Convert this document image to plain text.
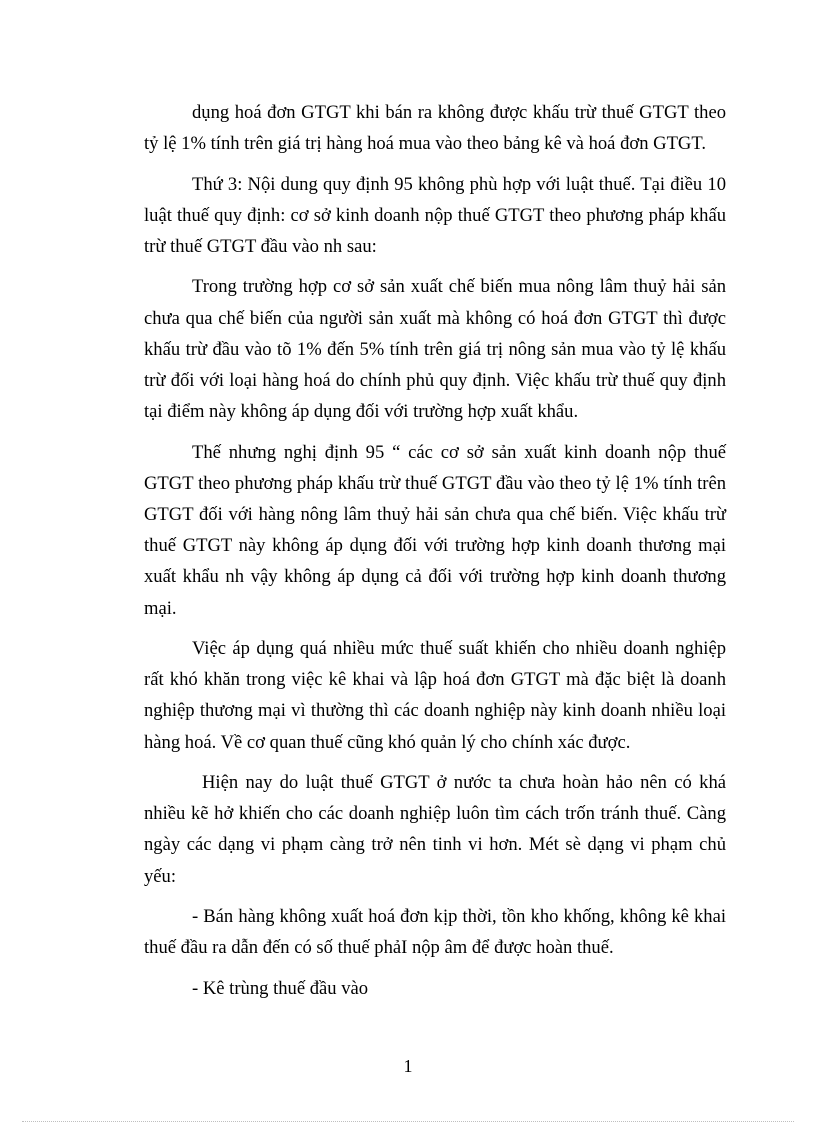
dụng hoá đơn GTGT khi bán ra không được khấu trừ thuế GTGT theo tỷ lệ 1% tính trên giá trị hàng hoá mua vào theo bảng kê và hoá đơn GTGT.

Thứ 3: Nội dung quy định 95 không phù hợp với luật thuế. Tại điều 10 luật thuế quy định: cơ sở kinh doanh nộp thuế GTGT theo phương pháp khấu trừ thuế GTGT đầu vào nh sau:

Trong trường hợp cơ sở sản xuất chế biến mua nông lâm thuỷ hải sản chưa qua chế biến của người sản xuất mà không có hoá đơn GTGT thì được khấu trừ đầu vào tõ 1% đến 5% tính trên giá trị nông sản mua vào tỷ lệ khấu trừ đối với loại hàng hoá do chính phủ quy định. Việc khấu trừ thuế quy định tại điểm này không áp dụng đối với trường hợp xuất khẩu.

Thế nhưng nghị định 95 “ các cơ sở sản xuất kinh doanh nộp thuế GTGT theo phương pháp khấu trừ thuế GTGT đầu vào theo tỷ lệ 1% tính trên GTGT đối với hàng nông lâm thuỷ hải sản chưa qua chế biến. Việc khấu trừ thuế GTGT này không áp dụng đối với trường hợp kinh doanh thương mại xuất khẩu nh vậy không áp dụng cả đối với trường hợp kinh doanh thương mại.

Việc áp dụng quá nhiều mức thuế suất khiến cho nhiều doanh nghiệp rất khó khăn trong việc kê khai và lập hoá đơn GTGT mà đặc biệt là doanh nghiệp thương mại vì thường thì các doanh nghiệp này kinh doanh nhiều loại hàng hoá. Về cơ quan thuế cũng khó quản lý cho chính xác được.

Hiện nay do luật thuế GTGT ở nước ta chưa hoàn hảo nên có khá nhiều kẽ hở khiến cho các doanh nghiệp luôn tìm cách trốn tránh thuế. Càng ngày các dạng vi phạm càng trở nên tinh vi hơn. Mét sè dạng vi phạm chủ yếu:

- Bán hàng không xuất hoá đơn kịp thời, tồn kho khống, không kê khai thuế đầu ra dẫn đến có số thuế phảI nộp âm để được hoàn thuế.

- Kê trùng thuế đầu vào

1
